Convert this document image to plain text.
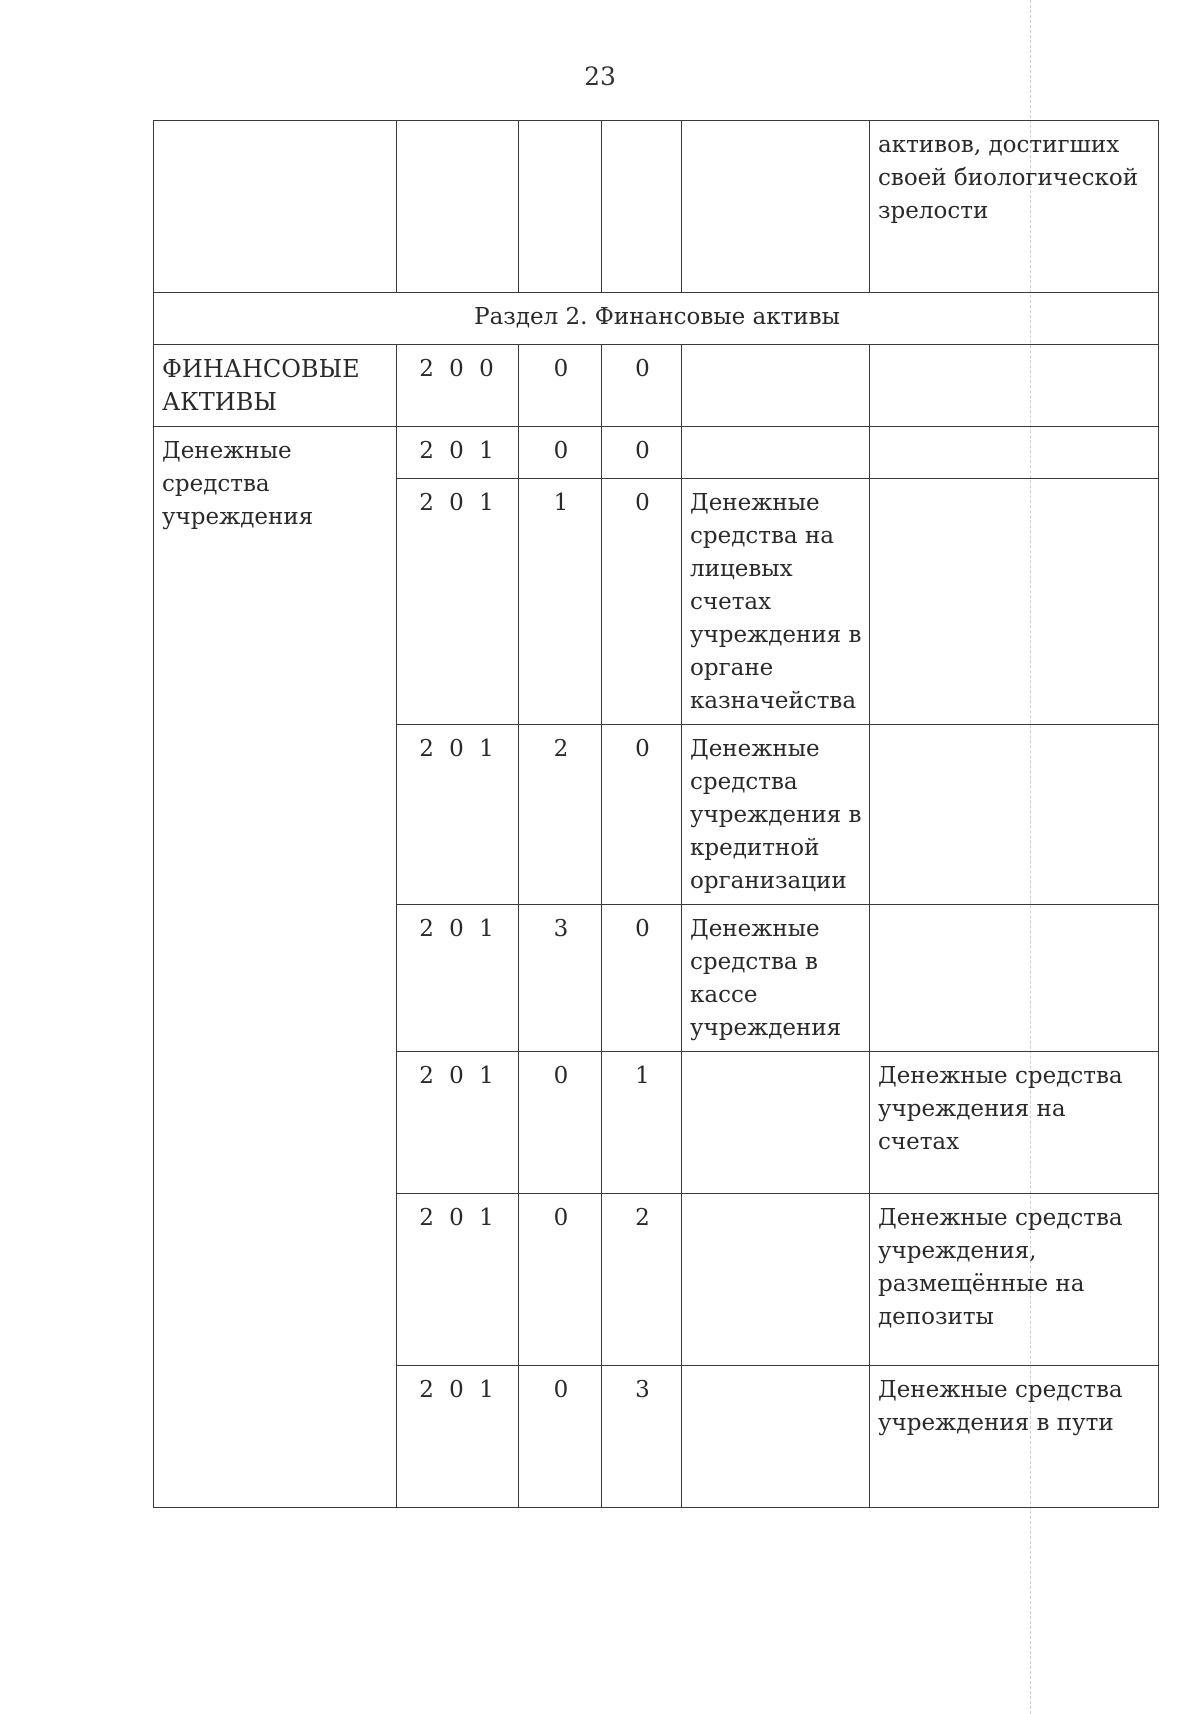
23
					активов, достигших своей биологической зрелости
Раздел 2. Финансовые активы					
ФИНАНСОВЫЕ АКТИВЫ	2 0 0	0	0		
Денежные средства учреждения	2 0 1	0	0		
	2 0 1	1	0	Денежные средства на лицевых счетах учреждения в органе казначейства	
	2 0 1	2	0	Денежные средства учреждения в кредитной организации	
	2 0 1	3	0	Денежные средства в кассе учреждения	
	2 0 1	0	1		Денежные средства учреждения на счетах
	2 0 1	0	2		Денежные средства учреждения, размещённые на депозиты
	2 0 1	0	3		Денежные средства учреждения в пути
